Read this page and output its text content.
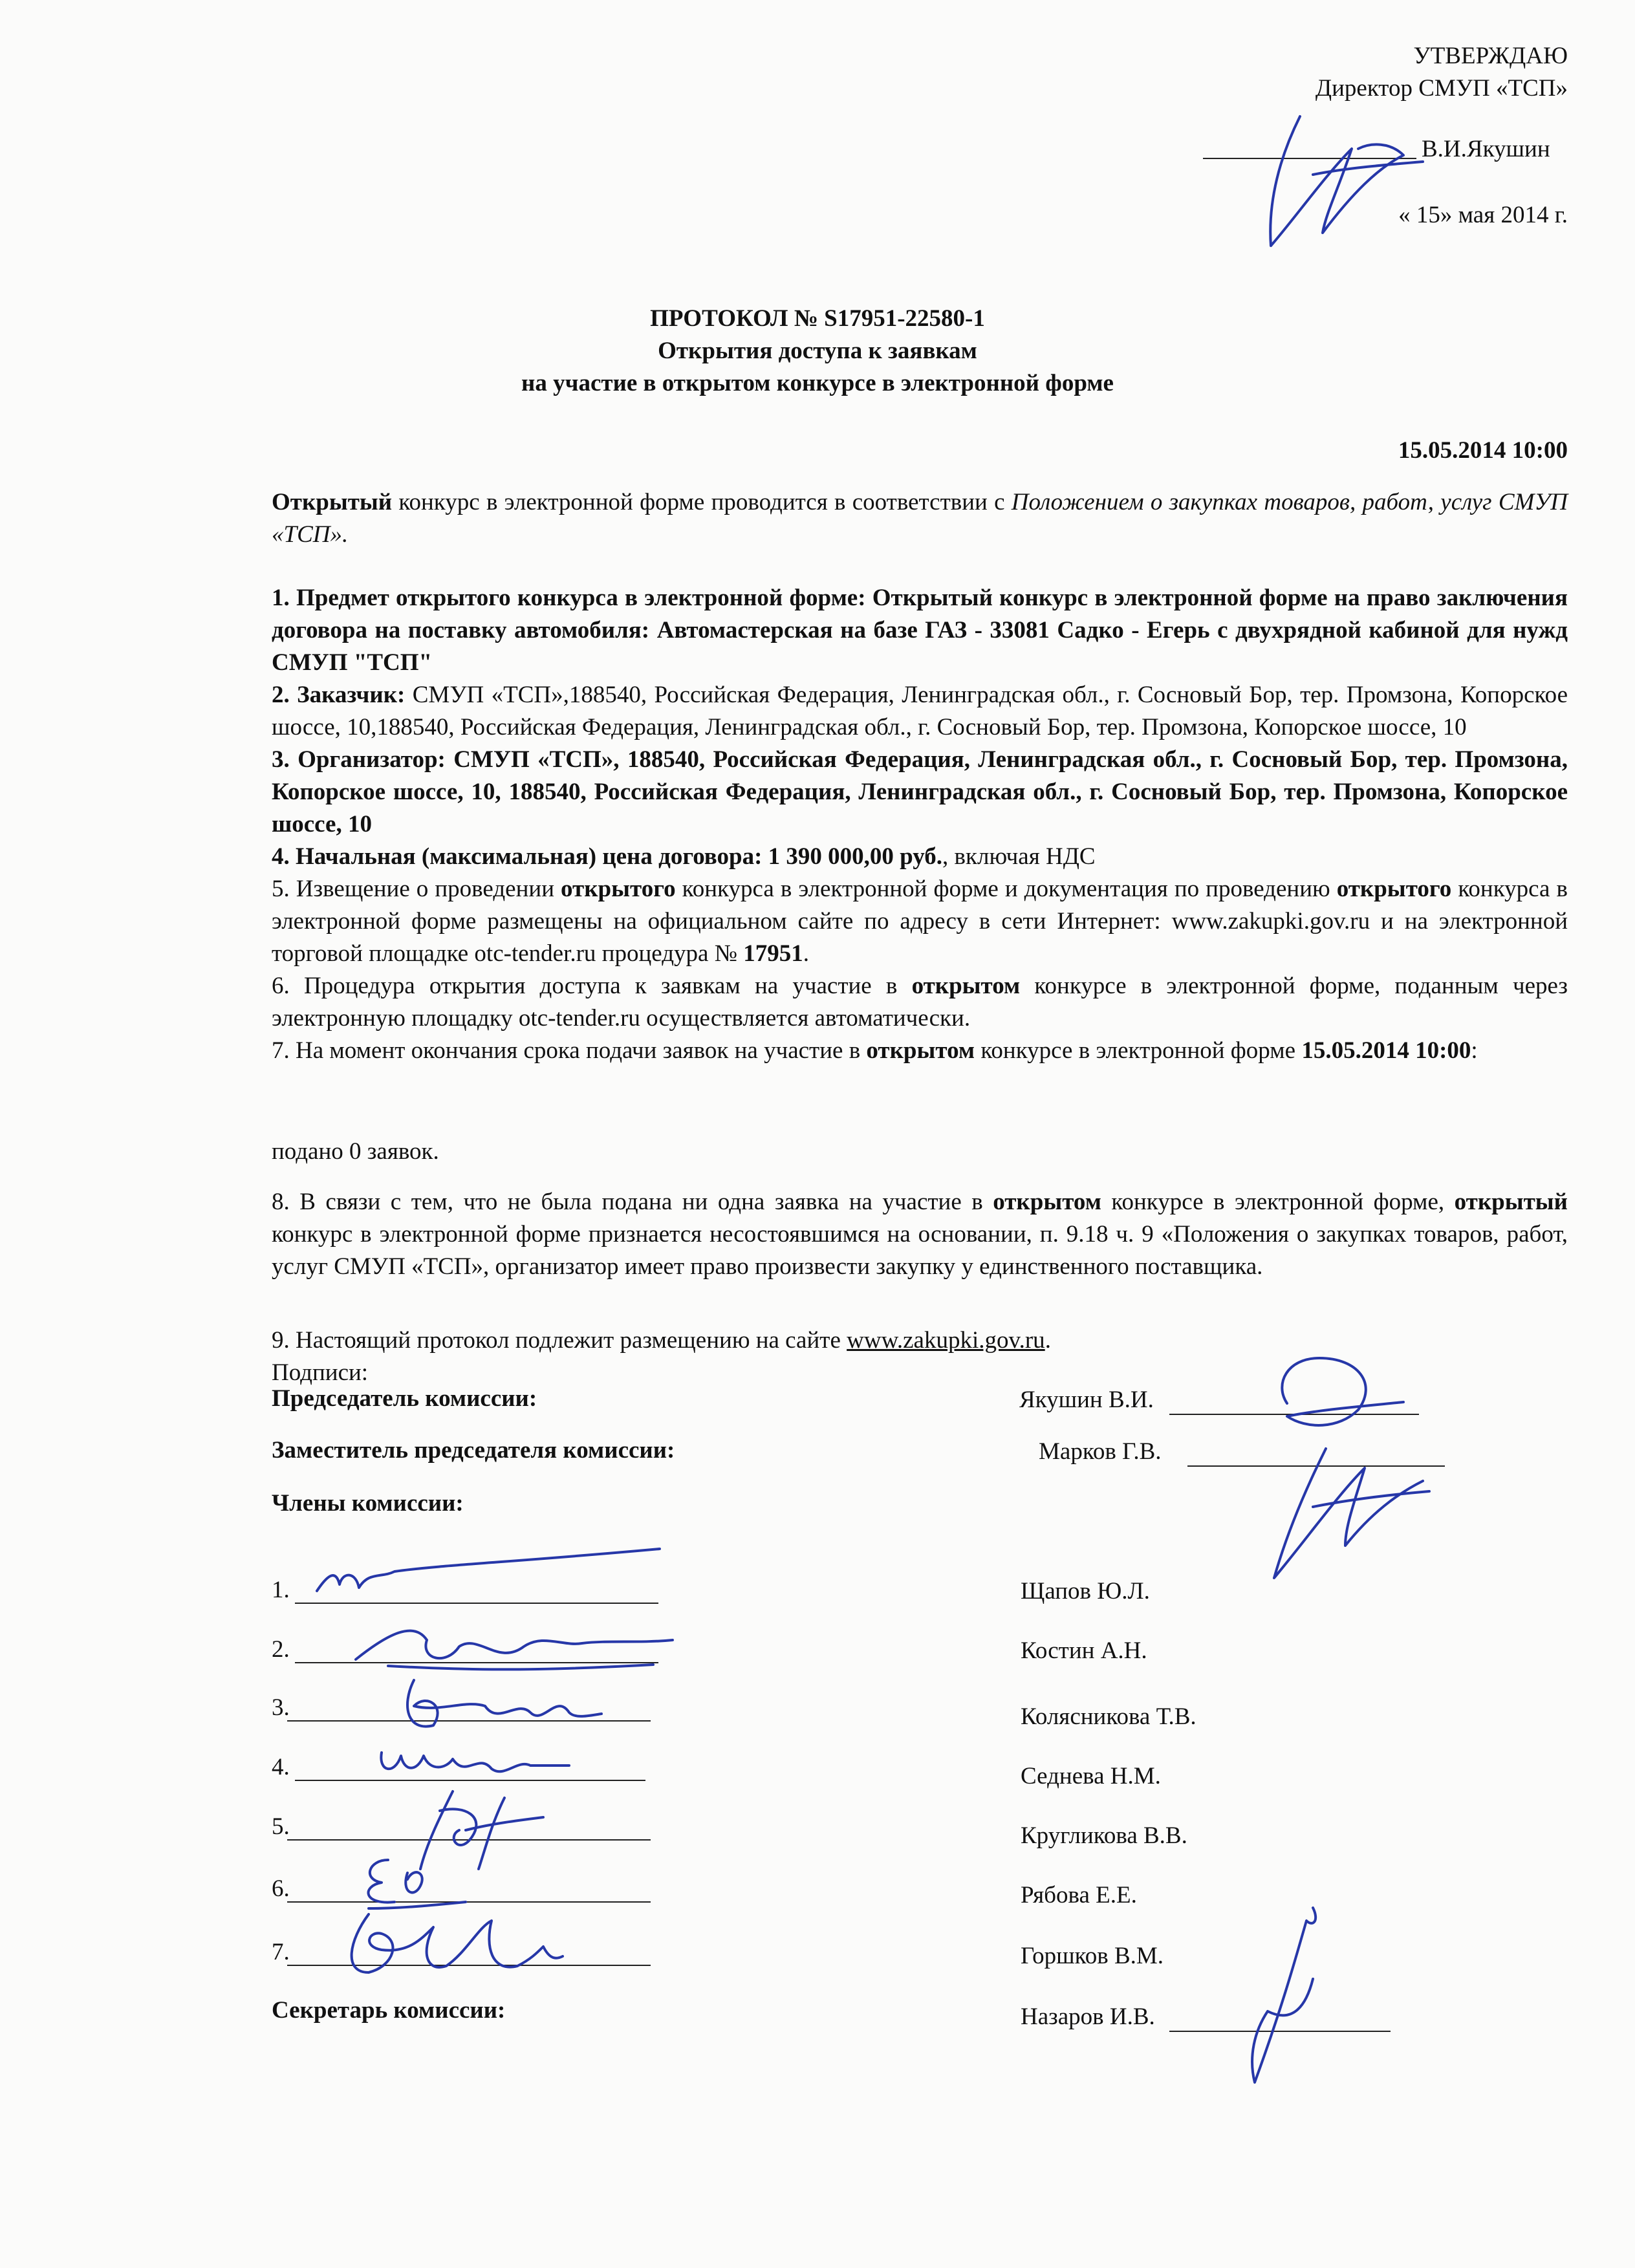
УТВЕРЖДАЮ
Директор СМУП «ТСП»
В.И.Якушин
« 15» мая 2014 г.
ПРОТОКОЛ № S17951-22580-1
Открытия доступа к заявкам
на участие в открытом конкурсе в электронной форме
15.05.2014 10:00
Открытый конкурс в электронной форме проводится в соответствии с Положением о закупках товаров, работ, услуг СМУП «ТСП».
1. Предмет открытого конкурса в электронной форме: Открытый конкурс в электронной форме на право заключения договора на поставку автомобиля: Автомастерская на базе ГАЗ - 33081 Садко - Егерь с двухрядной кабиной для нужд СМУП "ТСП"
2. Заказчик: СМУП «ТСП»,188540, Российская Федерация, Ленинградская обл., г. Сосновый Бор, тер. Промзона, Копорское шоссе, 10,188540, Российская Федерация, Ленинградская обл., г. Сосновый Бор, тер. Промзона, Копорское шоссе, 10
3. Организатор: СМУП «ТСП», 188540, Российская Федерация, Ленинградская обл., г. Сосновый Бор, тер. Промзона, Копорское шоссе, 10, 188540, Российская Федерация, Ленинградская обл., г. Сосновый Бор, тер. Промзона, Копорское шоссе, 10
4. Начальная (максимальная) цена договора: 1 390 000,00 руб., включая НДС
5. Извещение о проведении открытого конкурса в электронной форме и документация по проведению открытого конкурса в электронной форме размещены на официальном сайте по адресу в сети Интернет: www.zakupki.gov.ru и на электронной торговой площадке otc-tender.ru процедура № 17951.
6. Процедура открытия доступа к заявкам на участие в открытом конкурсе в электронной форме, поданным через электронную площадку otc-tender.ru осуществляется автоматически.
7. На момент окончания срока подачи заявок на участие в открытом конкурсе в электронной форме 15.05.2014 10:00:
подано 0 заявок.
8. В связи с тем, что не была подана ни одна заявка на участие в открытом конкурсе в электронной форме, открытый конкурс в электронной форме признается несостоявшимся на основании, п. 9.18 ч. 9 «Положения о закупках товаров, работ, услуг СМУП «ТСП», организатор имеет право произвести закупку у единственного поставщика.
9. Настоящий протокол подлежит размещению на сайте www.zakupki.gov.ru.
Подписи:
Председатель комиссии:	Якушин В.И.
Заместитель председателя комиссии:	Марков Г.В.
Члены комиссии:
1.	Щапов Ю.Л.
2.	Костин А.Н.
3.	Колясникова Т.В.
4.	Седнева Н.М.
5.	Кругликова В.В.
6.	Рябова Е.Е.
7.	Горшков В.М.
Секретарь комиссии:	Назаров И.В.
